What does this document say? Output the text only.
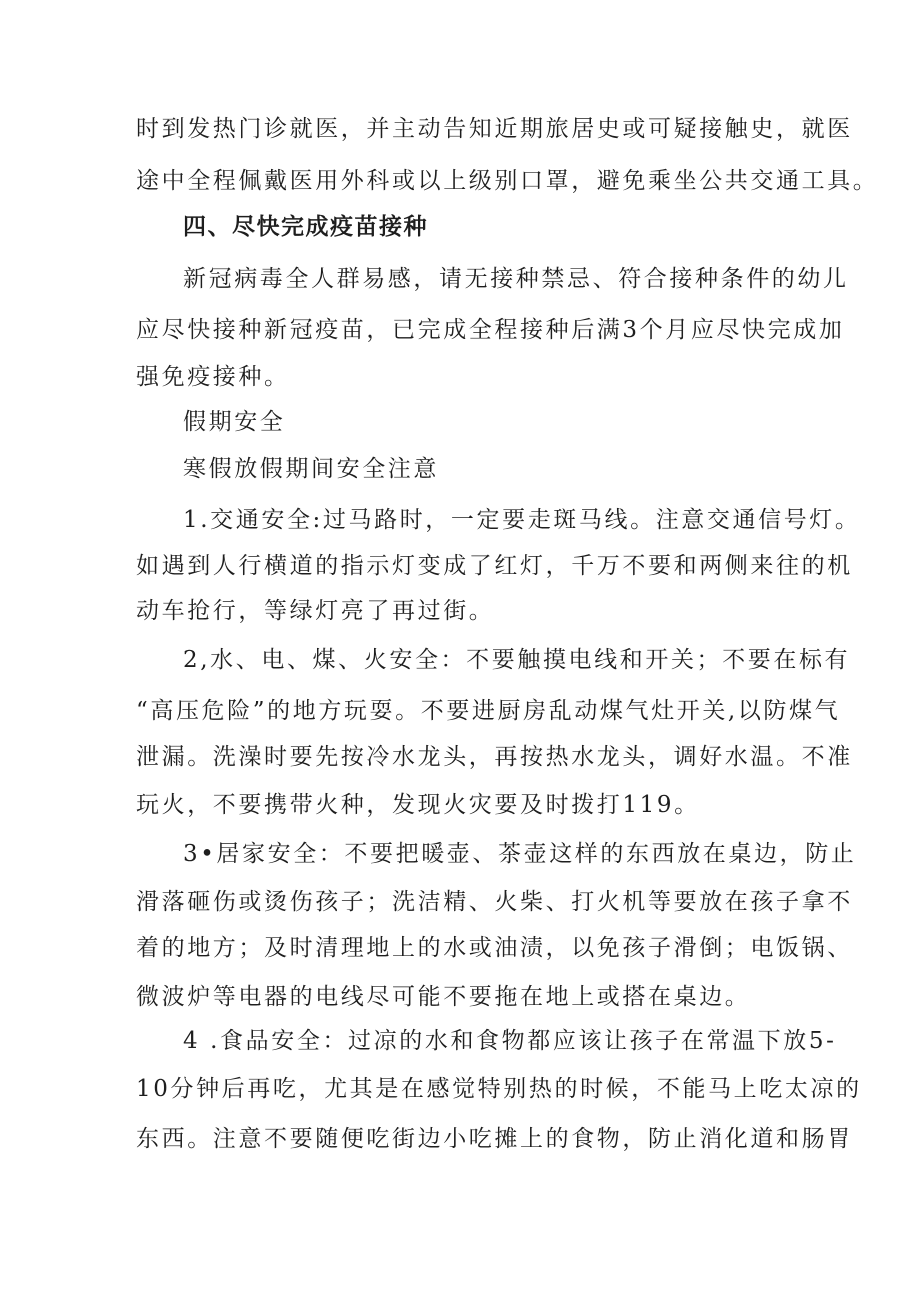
时到发热门诊就医，并主动告知近期旅居史或可疑接触史，就医
途中全程佩戴医用外科或以上级别口罩，避免乘坐公共交通工具。
四、尽快完成疫苗接种
新冠病毒全人群易感，请无接种禁忌、符合接种条件的幼儿
应尽快接种新冠疫苗，已完成全程接种后满3个月应尽快完成加
强免疫接种。
假期安全
寒假放假期间安全注意
1.交通安全:过马路时，一定要走斑马线。注意交通信号灯。
如遇到人行横道的指示灯变成了红灯，千万不要和两侧来往的机
动车抢行，等绿灯亮了再过街。
2,水、电、煤、火安全：不要触摸电线和开关；不要在标有
“高压危险”的地方玩耍。不要进厨房乱动煤气灶开关,以防煤气
泄漏。洗澡时要先按冷水龙头，再按热水龙头，调好水温。不准
玩火，不要携带火种，发现火灾要及时拨打119。
3•居家安全：不要把暖壶、茶壶这样的东西放在桌边，防止
滑落砸伤或烫伤孩子；洗洁精、火柴、打火机等要放在孩子拿不
着的地方；及时清理地上的水或油渍，以免孩子滑倒；电饭锅、
微波炉等电器的电线尽可能不要拖在地上或搭在桌边。
4 .食品安全：过凉的水和食物都应该让孩子在常温下放5-
10分钟后再吃，尤其是在感觉特别热的时候，不能马上吃太凉的
东西。注意不要随便吃街边小吃摊上的食物，防止消化道和肠胃
